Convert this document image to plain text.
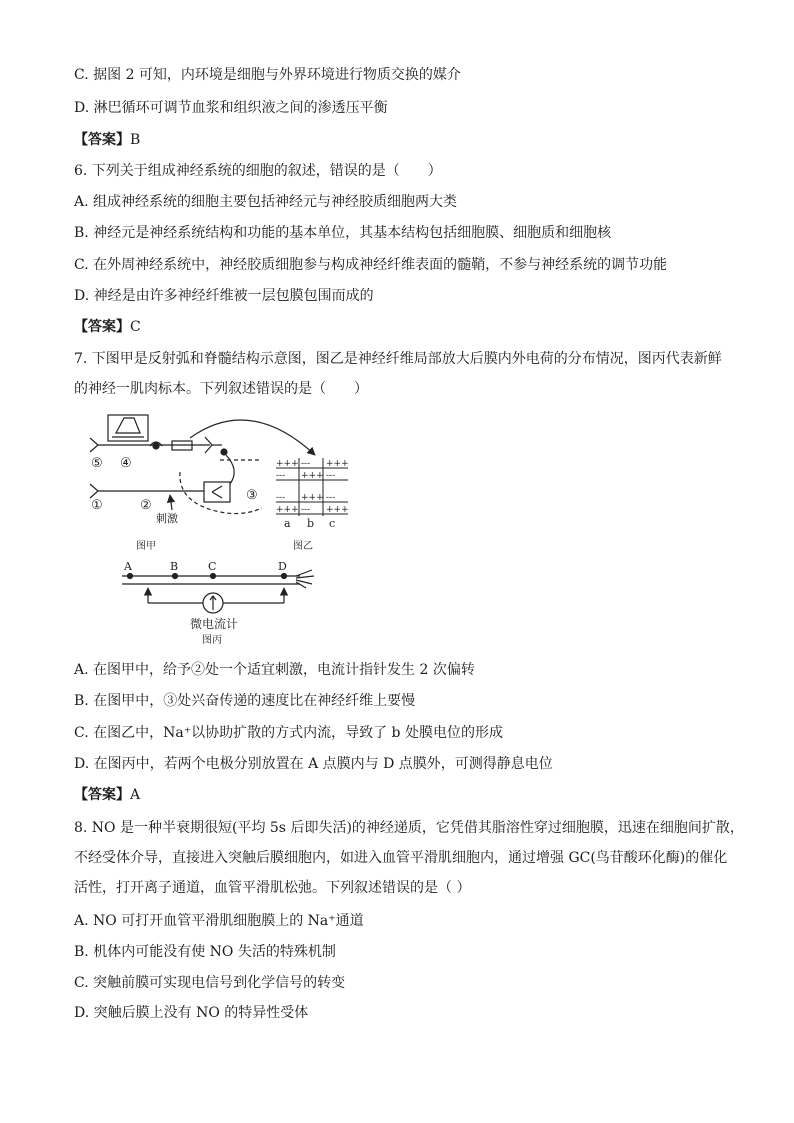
C. 据图 2 可知，内环境是细胞与外界环境进行物质交换的媒介
D. 淋巴循环可调节血浆和组织液之间的渗透压平衡
【答案】B
6. 下列关于组成神经系统的细胞的叙述，错误的是（　　）
A. 组成神经系统的细胞主要包括神经元与神经胶质细胞两大类
B. 神经元是神经系统结构和功能的基本单位，其基本结构包括细胞膜、细胞质和细胞核
C. 在外周神经系统中，神经胶质细胞参与构成神经纤维表面的髓鞘，不参与神经系统的调节功能
D. 神经是由许多神经纤维被一层包膜包围而成的
【答案】C
7. 下图甲是反射弧和脊髓结构示意图，图乙是神经纤维局部放大后膜内外电荷的分布情况，图丙代表新鲜
的神经一肌肉标本。下列叙述错误的是（　　）
⑤ ④
①	②
③
刺激
图甲
+++ --- +++
--- +++ ---
--- +++ ---
+++ --- +++
a b c
图乙
A	B	C	D
微电流计
图丙
A. 在图甲中，给予②处一个适宜刺激，电流计指针发生 2 次偏转
B. 在图甲中，③处兴奋传递的速度比在神经纤维上要慢
C. 在图乙中，Na⁺以协助扩散的方式内流，导致了 b 处膜电位的形成
D. 在图丙中，若两个电极分别放置在 A 点膜内与 D 点膜外，可测得静息电位
【答案】A
8. NO 是一种半衰期很短(平均 5s 后即失活)的神经递质，它凭借其脂溶性穿过细胞膜，迅速在细胞间扩散，
不经受体介导，直接进入突触后膜细胞内，如进入血管平滑肌细胞内，通过增强 GC(鸟苷酸环化酶)的催化
活性，打开离子通道，血管平滑肌松弛。下列叙述错误的是（ ）
A. NO 可打开血管平滑肌细胞膜上的 Na⁺通道
B. 机体内可能没有使 NO 失活的特殊机制
C. 突触前膜可实现电信号到化学信号的转变
D. 突触后膜上没有 NO 的特异性受体
